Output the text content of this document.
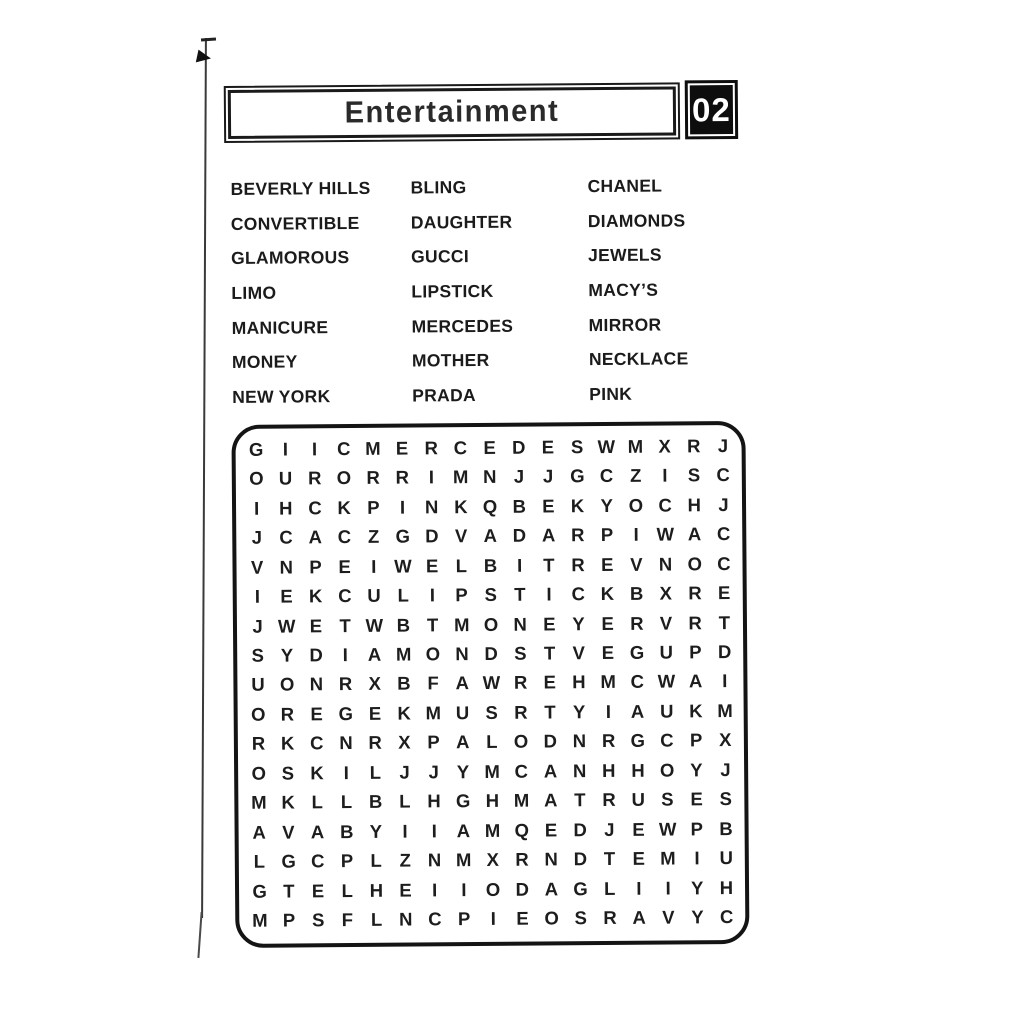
Entertainment	02
BEVERLY HILLS
CONVERTIBLE
GLAMOROUS
LIMO
MANICURE
MONEY
NEW YORK
BLING
DAUGHTER
GUCCI
LIPSTICK
MERCEDES
MOTHER
PRADA
CHANEL
DIAMONDS
JEWELS
MACY’S
MIRROR
NECKLACE
PINK
G	I	I	C M E R C E D E S W M X R J
O U R O R R	I	M N J	J G C Z	I	S C
I	H C K P	I	N K Q B E K Y O C H J
J C A C Z G D V A D A R P	I W A C
V N P E	I W E L B	I	T R E V N O C
I	E K C U L	I	P S T	I	C K B X R E
J W E T W B T M O N E Y E R V R T
S Y D	I	A M O N D S T V E G U P D
U O N R X B F A W R E H M C W A	I
O R E G E K M U S R T Y	I	A U K M
R K C N R X P A L O D N R G C P X
O S K	I	L J	J Y M C A N H H O Y J
M K L L B L H G H M A T R U S E S
A V A B Y	I	I	A M Q E D J E W P B
L G C P L Z N M X R N D T E M	I	U
G T E L H E	I	I	O D A G L	I	I	Y H
M P S F L N C P	I	E O S R A V Y C
